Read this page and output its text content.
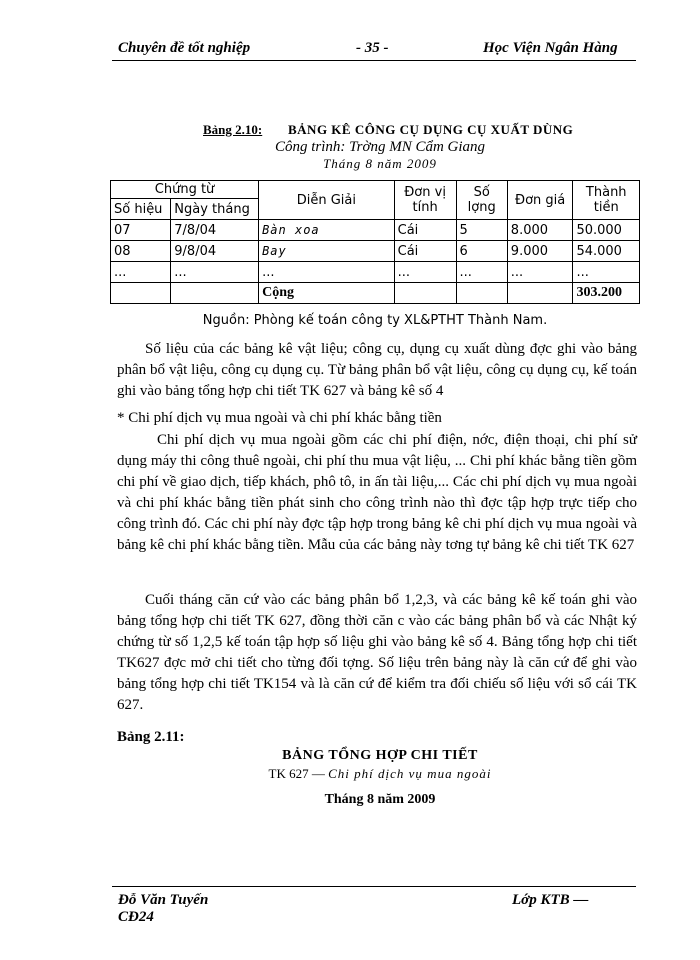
Chuyên đề tốt nghiệp	- 35 -	Học Viện Ngân Hàng
Bảng 2.10: BẢNG KÊ CÔNG CỤ DỤNG CỤ XUẤT DÙNG
Công trình: Trờng MN Cẩm Giang
Tháng 8 năm 2009
Chứng từ		Diễn Giải	Đơn vị tính	Số lợng	Đơn giá	Thành tiền
Số hiệu	Ngày tháng					
07	7/8/04	Bàn xoa	Cái	5	8.000	50.000
08	9/8/04	Bay	Cái	6	9.000	54.000
...	...	...	...	...	...	...
		Cộng				303.200
Nguồn: Phòng kế toán công ty XL&PTHT Thành Nam.

Số liệu của các bảng kê vật liệu; công cụ, dụng cụ xuất dùng đợc ghi vào bảng phân bổ vật liệu, công cụ dụng cụ. Từ bảng phân bổ vật liệu, công cụ dụng cụ, kế toán ghi vào bảng tổng hợp chi tiết TK 627 và bảng kê số 4

* Chi phí dịch vụ mua ngoài và chi phí khác bằng tiền

Chi phí dịch vụ mua ngoài gồm các chi phí điện, nớc, điện thoại, chi phí sử dụng máy thi công thuê ngoài, chi phí thu mua vật liệu, ... Chi phí khác bằng tiền gồm chi phí về giao dịch, tiếp khách, phô tô, in ấn tài liệu,... Các chi phí dịch vụ mua ngoài và chi phí khác bằng tiền phát sinh cho công trình nào thì đợc tập hợp trực tiếp cho công trình đó. Các chi phí này đợc tập hợp trong bảng kê chi phí dịch vụ mua ngoài và bảng kê chi phí khác bằng tiền. Mẫu của các bảng này tơng tự bảng kê chi tiết TK 627

Cuối tháng căn cứ vào các bảng phân bổ 1,2,3, và các bảng kê kế toán ghi vào bảng tổng hợp chi tiết TK 627, đồng thời căn c vào các bảng phân bổ và các Nhật ký chứng từ số 1,2,5 kế toán tập hợp số liệu ghi vào bảng kê số 4. Bảng tổng hợp chi tiết TK627 đợc mở chi tiết cho từng đối tợng. Số liệu trên bảng này là căn cứ để ghi vào bảng tổng hợp chi tiết TK154 và là căn cứ để kiểm tra đối chiếu số liệu với sổ cái TK 627.

Bảng 2.11:
BẢNG TỔNG HỢP CHI TIẾT
TK 627 — Chi phí dịch vụ mua ngoài
Tháng 8 năm 2009
Đỗ Văn Tuyến
CĐ24
Lớp KTB —
